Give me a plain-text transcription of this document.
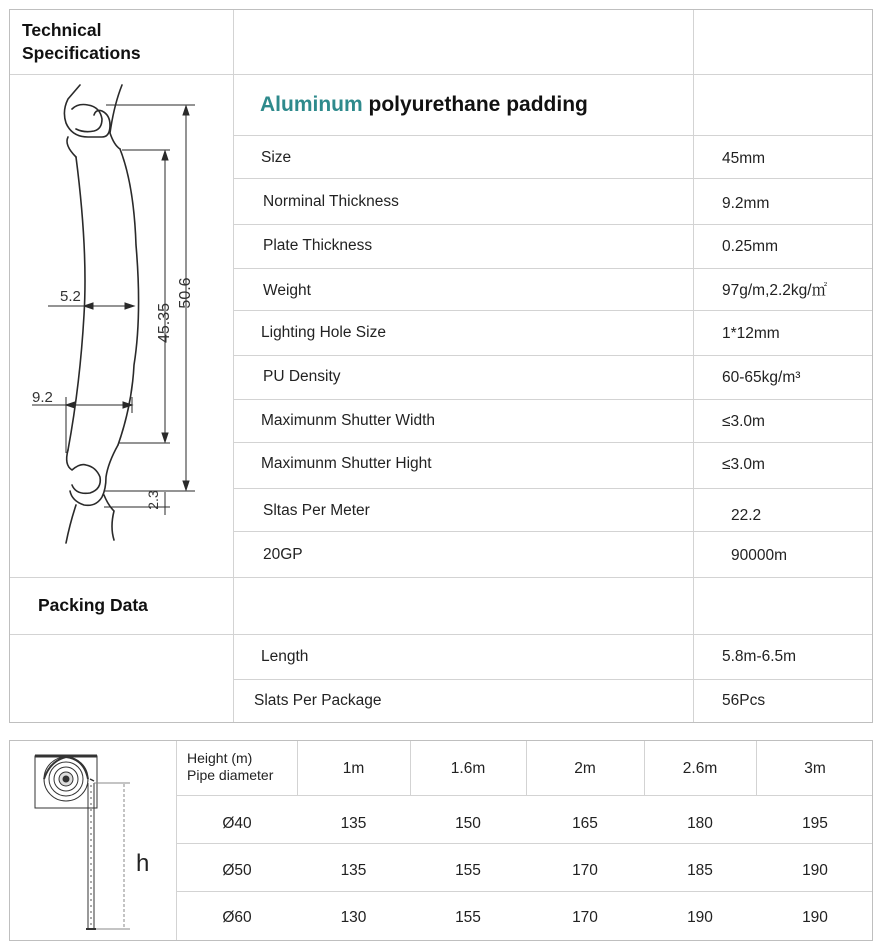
Technical
Specifications
Aluminum polyurethane padding
Size	45mm
Norminal Thickness	9.2mm
Plate Thickness	0.25mm
Weight	97g/m,2.2kg/㎡
Lighting Hole Size	1*12mm
PU Density	60-65kg/m³
Maximunm Shutter Width	≤3.0m
Maximunm Shutter Hight	≤3.0m
Sltas Per Meter	22.2
20GP	90000m
Packing Data
Length	5.8m-6.5m
Slats Per Package	56Pcs
50.6
45.35
5.2
9.2
2.3
Height (m)
Pipe diameter	1m	1.6m	2m	2.6m	3m
Ø40	135	150	165	180	195
Ø50	135	155	170	185	190
Ø60	130	155	170	190	190
h
